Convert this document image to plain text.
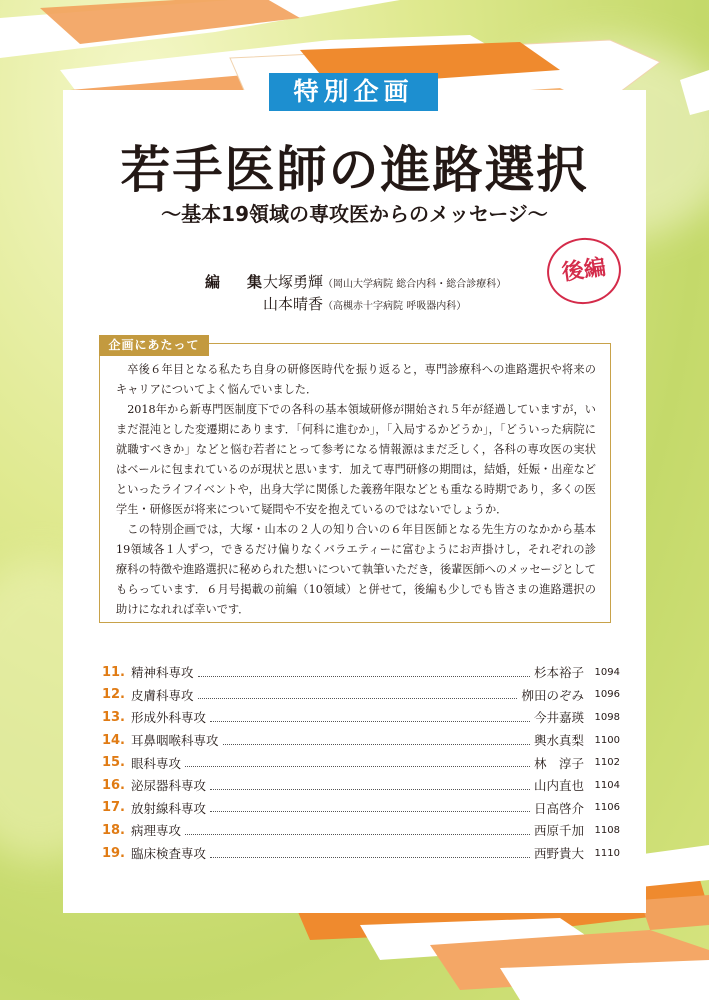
特別企画
若手医師の進路選択
〜基本19領域の専攻医からのメッセージ〜
後編
編　集大塚勇輝（岡山大学病院 総合内科・総合診療科）
山本晴香（高槻赤十字病院 呼吸器内科）
企画にあたって

卒後６年目となる私たち自身の研修医時代を振り返ると，専門診療科への進路選択や将来のキャリアについてよく悩んでいました．

2018年から新専門医制度下での各科の基本領域研修が開始され５年が経過していますが，いまだ混沌とした変遷期にあります．「何科に進むか」，「入局するかどうか」，「どういった病院に就職すべきか」などと悩む若者にとって参考になる情報源はまだ乏しく，各科の専攻医の実状はベールに包まれているのが現状と思います．加えて専門研修の期間は，結婚，妊娠・出産などといったライフイベントや，出身大学に関係した義務年限などとも重なる時期であり，多くの医学生・研修医が将来について疑問や不安を抱えているのではないでしょうか．

この特別企画では，大塚・山本の２人の知り合いの６年目医師となる先生方のなかから基本19領域各１人ずつ，できるだけ偏りなくバラエティーに富むようにお声掛けし，それぞれの診療科の特徴や進路選択に秘められた想いについて執筆いただき，後輩医師へのメッセージとしてもらっています．６月号掲載の前編（10領域）と併せて，後編も少しでも皆さまの進路選択の助けになれれば幸いです．

11. 精神科専攻	杉本裕子	1094
12. 皮膚科専攻	栁田のぞみ	1096
13. 形成外科専攻	今井嘉瑛	1098
14. 耳鼻咽喉科専攻	輿水真梨	1100
15. 眼科専攻	林　淳子	1102
16. 泌尿器科専攻	山内直也	1104
17. 放射線科専攻	日高啓介	1106
18. 病理専攻	西原千加	1108
19. 臨床検査専攻	西野貴大	1110
